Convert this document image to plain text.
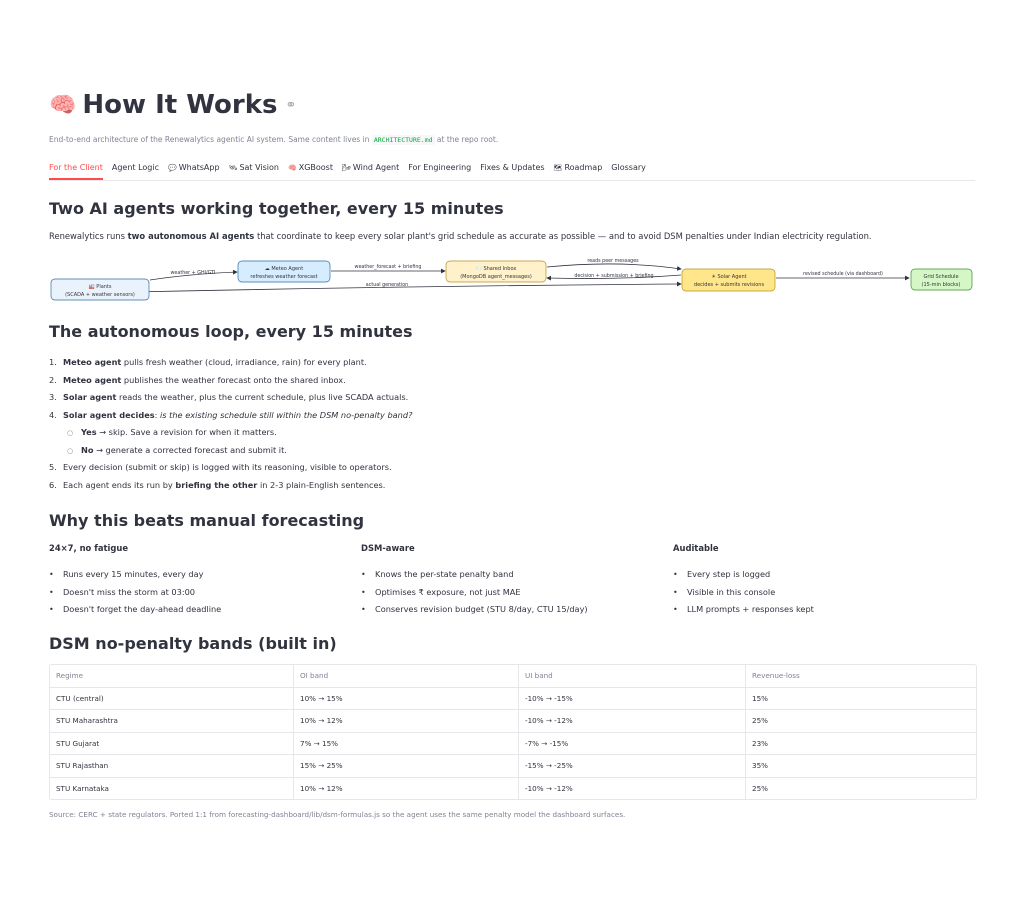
🧠 How It Works ⚭
End-to-end architecture of the Renewalytics agentic AI system. Same content lives in ARCHITECTURE.md at the repo root.
For the Client Agent Logic 💬 WhatsApp 🛰 Sat Vision 🧠 XGBoost 🌬 Wind Agent For Engineering Fixes & Updates 🗺 Roadmap Glossary
Two AI agents working together, every 15 minutes
Renewalytics runs two autonomous AI agents that coordinate to keep every solar plant's grid schedule as accurate as possible — and to avoid DSM penalties under Indian electricity regulation.
weather + GHI/GTI
weather_forecast + briefing
reads peer messages
decision + submission + briefing	revised schedule (via dashboard)
actual generation
🏭 Plants
(SCADA + weather sensors)
☁ Meteo Agent
refreshes weather forecast
📨 Shared Inbox
(MongoDB agent_messages)	☀ Solar Agent
decides + submits revisions
Grid Schedule
(15-min blocks)
The autonomous loop, every 15 minutes
1. Meteo agent pulls fresh weather (cloud, irradiance, rain) for every plant.
2. Meteo agent publishes the weather forecast onto the shared inbox.
3. Solar agent reads the weather, plus the current schedule, plus live SCADA actuals.
4. Solar agent decides: is the existing schedule still within the DSM no-penalty band?
○ Yes → skip. Save a revision for when it matters.
○ No → generate a corrected forecast and submit it.
5. Every decision (submit or skip) is logged with its reasoning, visible to operators.
6. Each agent ends its run by briefing the other in 2-3 plain-English sentences.
Why this beats manual forecasting
24×7, no fatigue
• Runs every 15 minutes, every day
• Doesn't miss the storm at 03:00
• Doesn't forget the day-ahead deadline
DSM-aware
• Knows the per-state penalty band
• Optimises ₹ exposure, not just MAE
• Conserves revision budget (STU 8/day, CTU 15/day)
Auditable
• Every step is logged
• Visible in this console
• LLM prompts + responses kept
DSM no-penalty bands (built in)
Regime	OI band	UI band	Revenue-loss
CTU (central)	10% → 15%	-10% → -15%	15%
STU Maharashtra	10% → 12%	-10% → -12%	25%
STU Gujarat	7% → 15%	-7% → -15%	23%
STU Rajasthan	15% → 25%	-15% → -25%	35%
STU Karnataka	10% → 12%	-10% → -12%	25%
Source: CERC + state regulators. Ported 1:1 from forecasting-dashboard/lib/dsm-formulas.js so the agent uses the same penalty model the dashboard surfaces.
